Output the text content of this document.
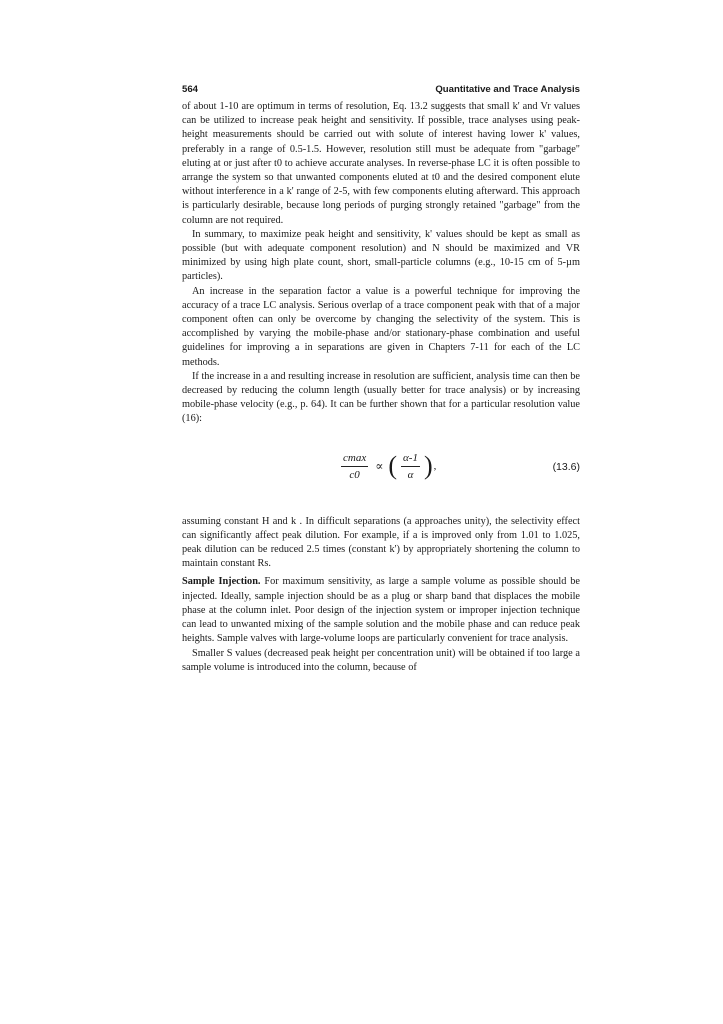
564	Quantitative and Trace Analysis

of about 1-10 are optimum in terms of resolution, Eq. 13.2 suggests that small k' and Vr values can be utilized to increase peak height and sensitivity. If possible, trace analyses using peak-height measurements should be carried out with solute of interest having lower k' values, preferably in a range of 0.5-1.5. However, resolution still must be adequate from "garbage" eluting at or just after t0 to achieve accurate analyses. In reverse-phase LC it is often possible to arrange the system so that unwanted components eluted at t0 and the desired component elute without interference in a k' range of 2-5, with few components eluting afterward. This approach is particularly desirable, because long periods of purging strongly retained "garbage" from the column are not required.

In summary, to maximize peak height and sensitivity, k' values should be kept as small as possible (but with adequate component resolution) and N should be maximized and VR minimized by using high plate count, short, small-particle columns (e.g., 10-15 cm of 5-µm particles).

An increase in the separation factor a value is a powerful technique for improving the accuracy of a trace LC analysis. Serious overlap of a trace component peak with that of a major component often can only be overcome by changing the selectivity of the system. This is accomplished by varying the mobile-phase and/or stationary-phase combination and useful guidelines for improving a in separations are given in Chapters 7-11 for each of the LC methods.

If the increase in a and resulting increase in resolution are sufficient, analysis time can then be decreased by reducing the column length (usually better for trace analysis) or by increasing mobile-phase velocity (e.g., p. 64). It can be further shown that for a particular resolution value (16):

$\frac{cmax}{c0}$ ∝ ( $\frac{\alpha-1}{\alpha}$ ) ,	(13.6)

assuming constant H and k . In difficult separations (a approaches unity), the selectivity effect can significantly affect peak dilution. For example, if a is improved only from 1.01 to 1.025, peak dilution can be reduced 2.5 times (constant k') by appropriately shortening the column to maintain constant Rs.

Sample Injection. For maximum sensitivity, as large a sample volume as possible should be injected. Ideally, sample injection should be as a plug or sharp band that displaces the mobile phase at the column inlet. Poor design of the injection system or improper injection technique can lead to unwanted mixing of the sample solution and the mobile phase and can reduce peak heights. Sample valves with large-volume loops are particularly convenient for trace analysis.

Smaller S values (decreased peak height per concentration unit) will be obtained if too large a sample volume is introduced into the column, because of
